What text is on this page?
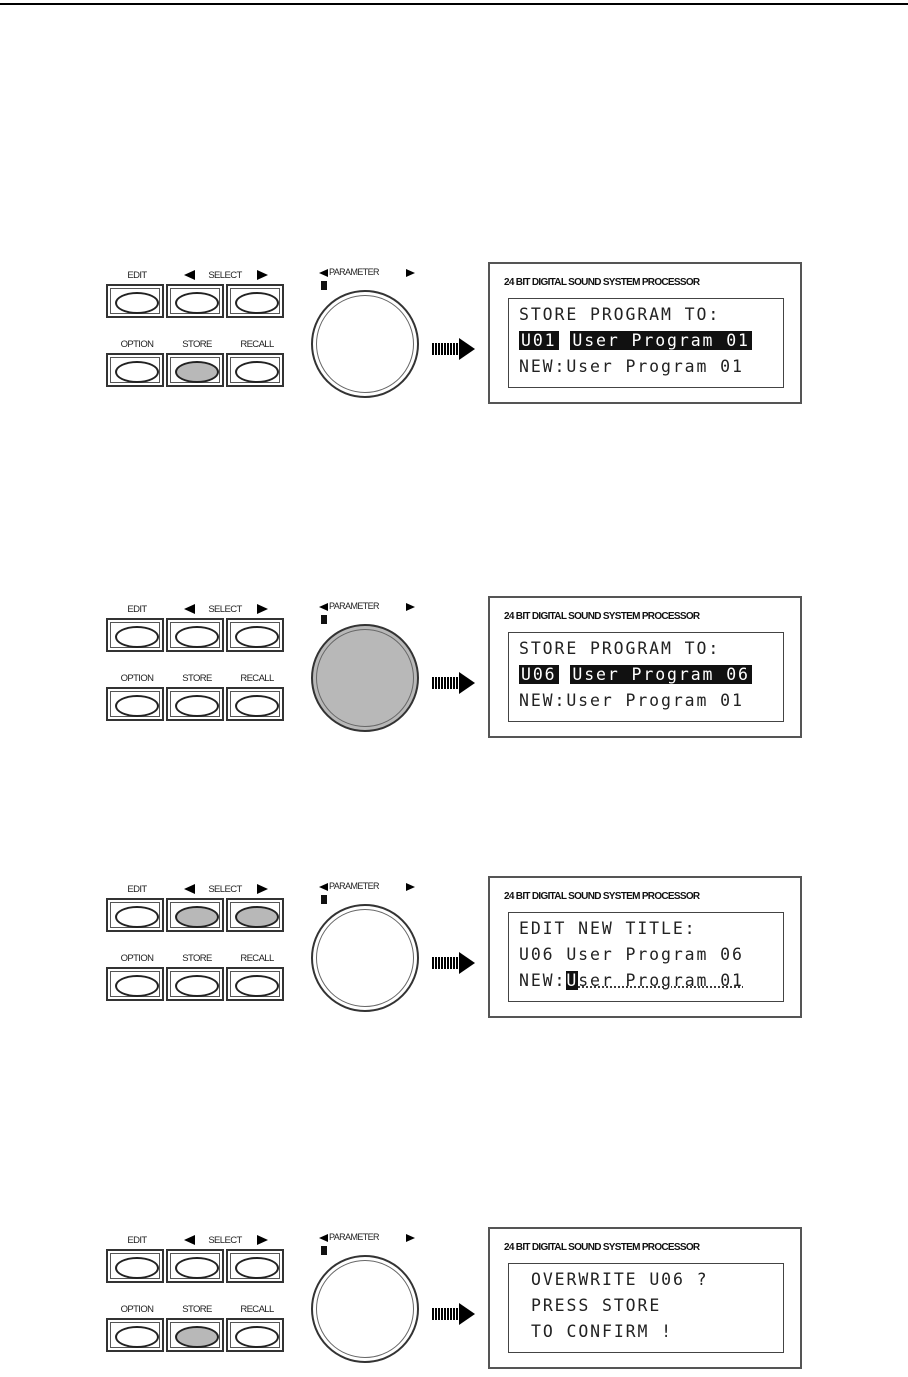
EDIT	SELECT
OPTION	STORE	RECALL
PARAMETER
24 BIT DIGITAL SOUND SYSTEM PROCESSOR
STORE PROGRAM TO:
U01 User Program 01
NEW:User Program 01
EDIT	SELECT
OPTION	STORE	RECALL
PARAMETER
24 BIT DIGITAL SOUND SYSTEM PROCESSOR
STORE PROGRAM TO:
U06 User Program 06
NEW:User Program 01
EDIT	SELECT
OPTION	STORE	RECALL
PARAMETER
24 BIT DIGITAL SOUND SYSTEM PROCESSOR
EDIT NEW TITLE:
U06 User Program 06
NEW:User Program 01
EDIT	SELECT
OPTION	STORE	RECALL
PARAMETER
24 BIT DIGITAL SOUND SYSTEM PROCESSOR
OVERWRITE U06 ?
PRESS STORE
TO CONFIRM !
